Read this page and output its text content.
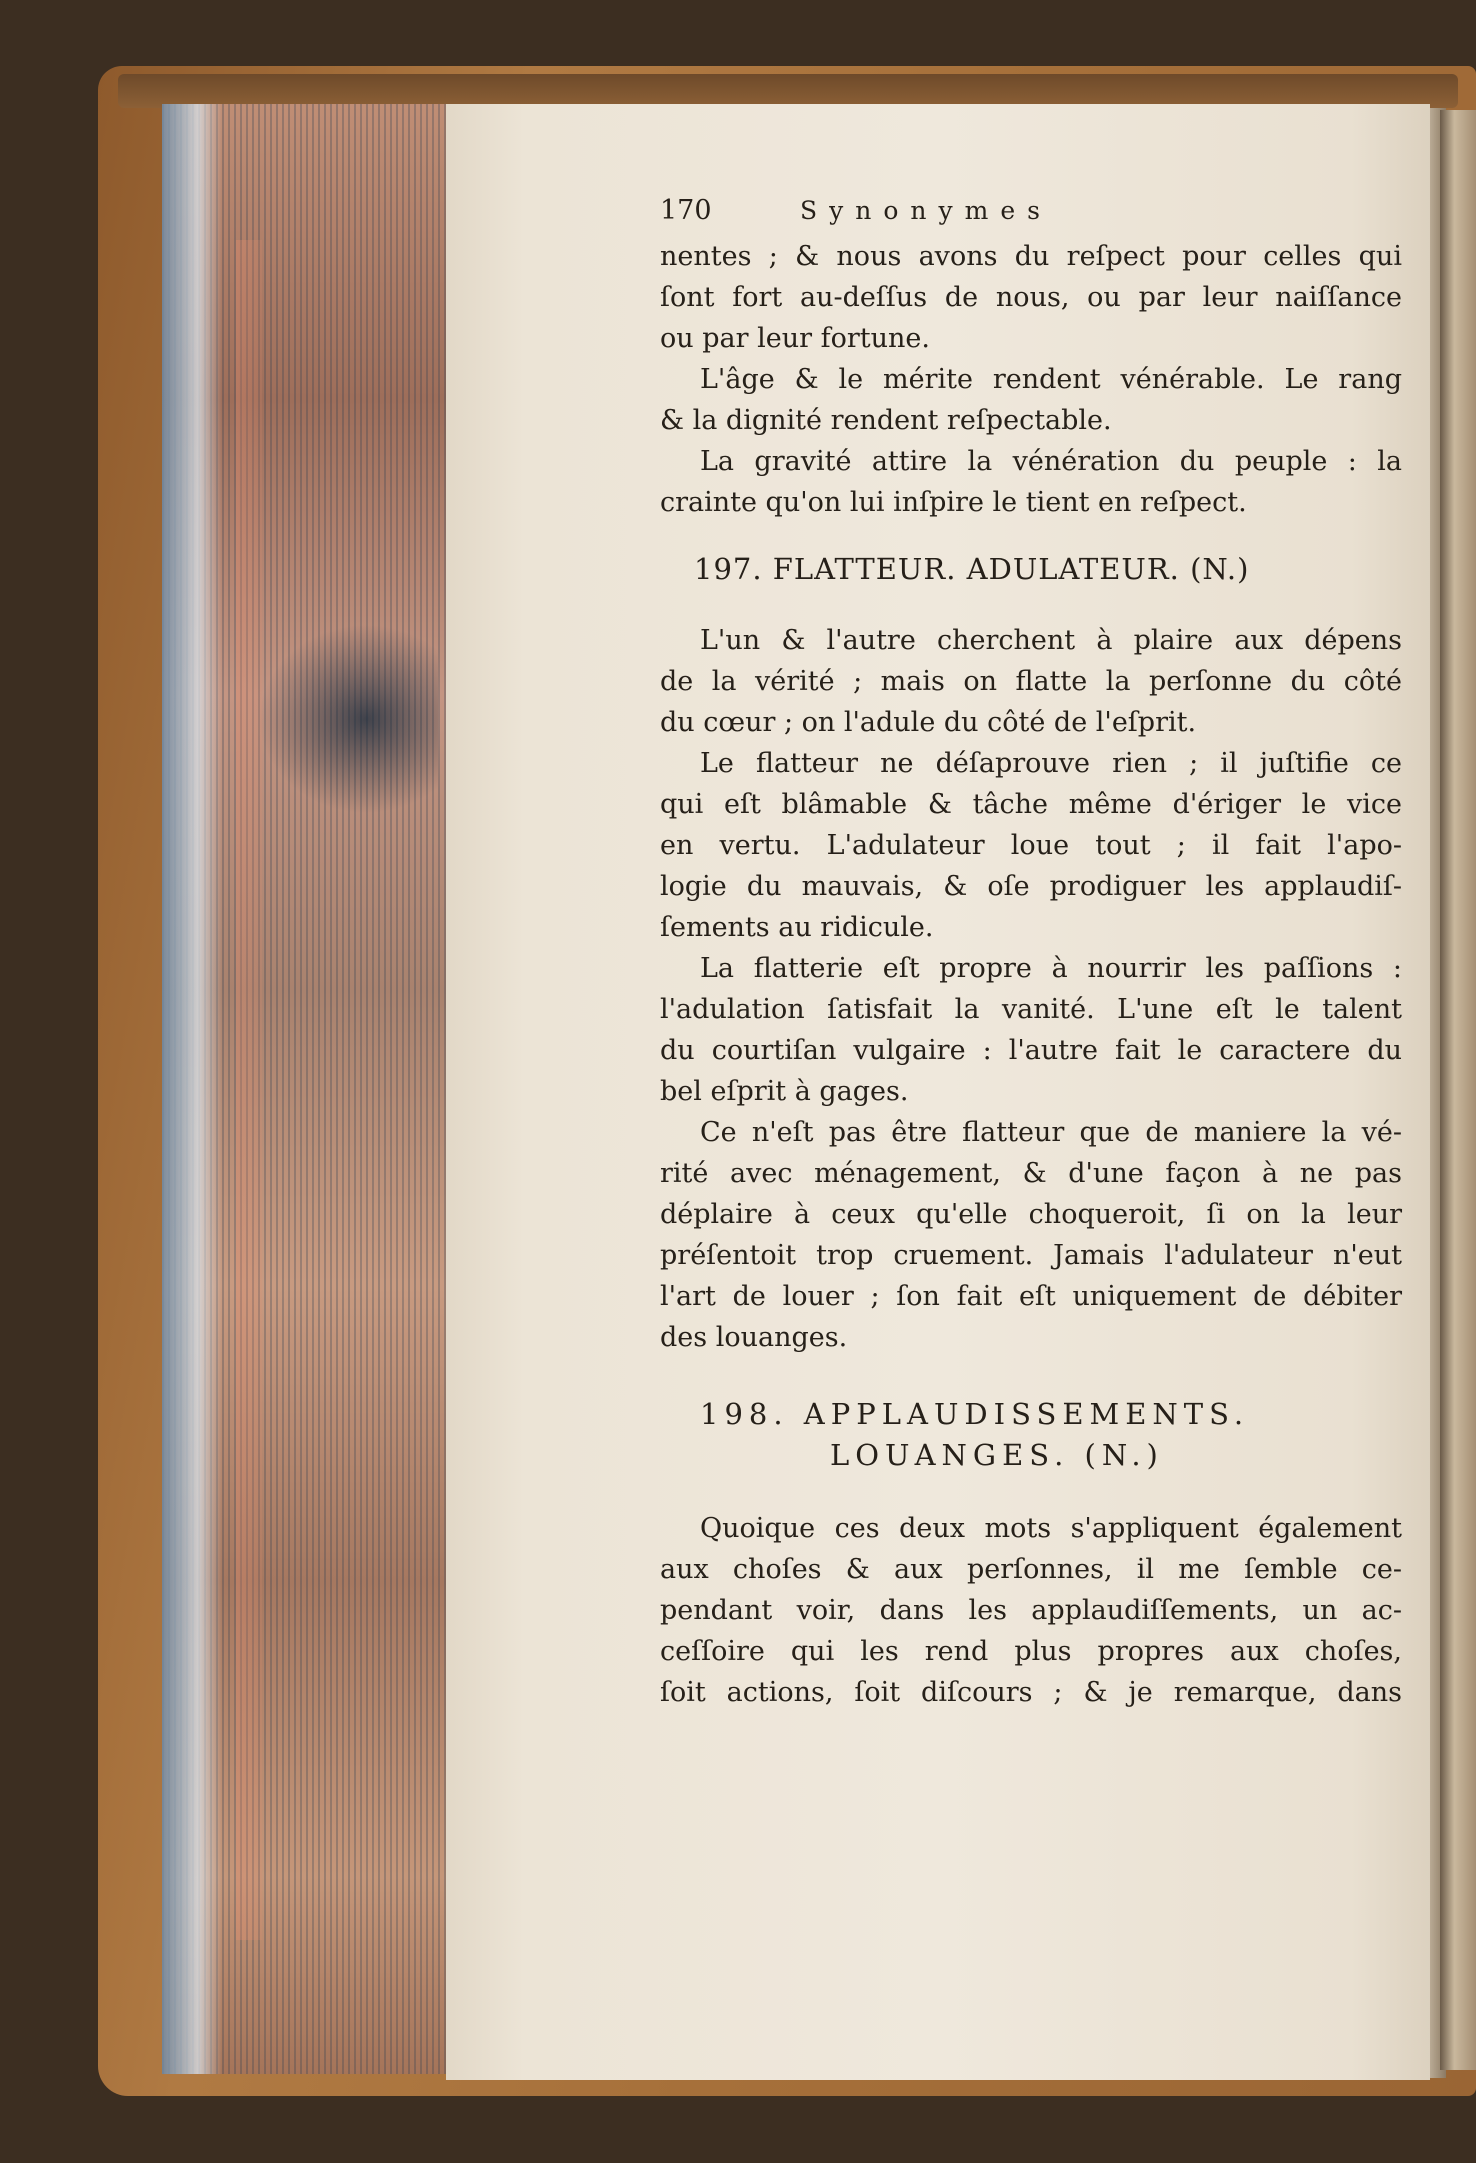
170	Synonymes
nentes ; & nous avons du reſpect pour celles qui
ſont fort au-deſſus de nous, ou par leur naiſſance
ou par leur fortune.
L'âge & le mérite rendent vénérable. Le rang
& la dignité rendent reſpectable.
La gravité attire la vénération du peuple : la
crainte qu'on lui inſpire le tient en reſpect.
197. FLATTEUR. ADULATEUR. (N.)
L'un & l'autre cherchent à plaire aux dépens
de la vérité ; mais on flatte la perſonne du côté
du cœur ; on l'adule du côté de l'eſprit.
Le flatteur ne déſaprouve rien ; il juſtifie ce
qui eſt blâmable & tâche même d'ériger le vice
en vertu. L'adulateur loue tout ; il fait l'apo-
logie du mauvais, & oſe prodiguer les applaudiſ-
ſements au ridicule.
La flatterie eſt propre à nourrir les paſſions :
l'adulation ſatisfait la vanité. L'une eſt le talent
du courtiſan vulgaire : l'autre fait le caractere du
bel eſprit à gages.
Ce n'eſt pas être flatteur que de maniere la vé-
rité avec ménagement, & d'une façon à ne pas
déplaire à ceux qu'elle choqueroit, ſi on la leur
préſentoit trop cruement. Jamais l'adulateur n'eut
l'art de louer ; ſon fait eſt uniquement de débiter
des louanges.
198. APPLAUDISSEMENTS.
LOUANGES. (N.)
Quoique ces deux mots s'appliquent également
aux choſes & aux perſonnes, il me ſemble ce-
pendant voir, dans les applaudiſſements, un ac-
ceſſoire qui les rend plus propres aux choſes,
ſoit actions, ſoit diſcours ; & je remarque, dans
